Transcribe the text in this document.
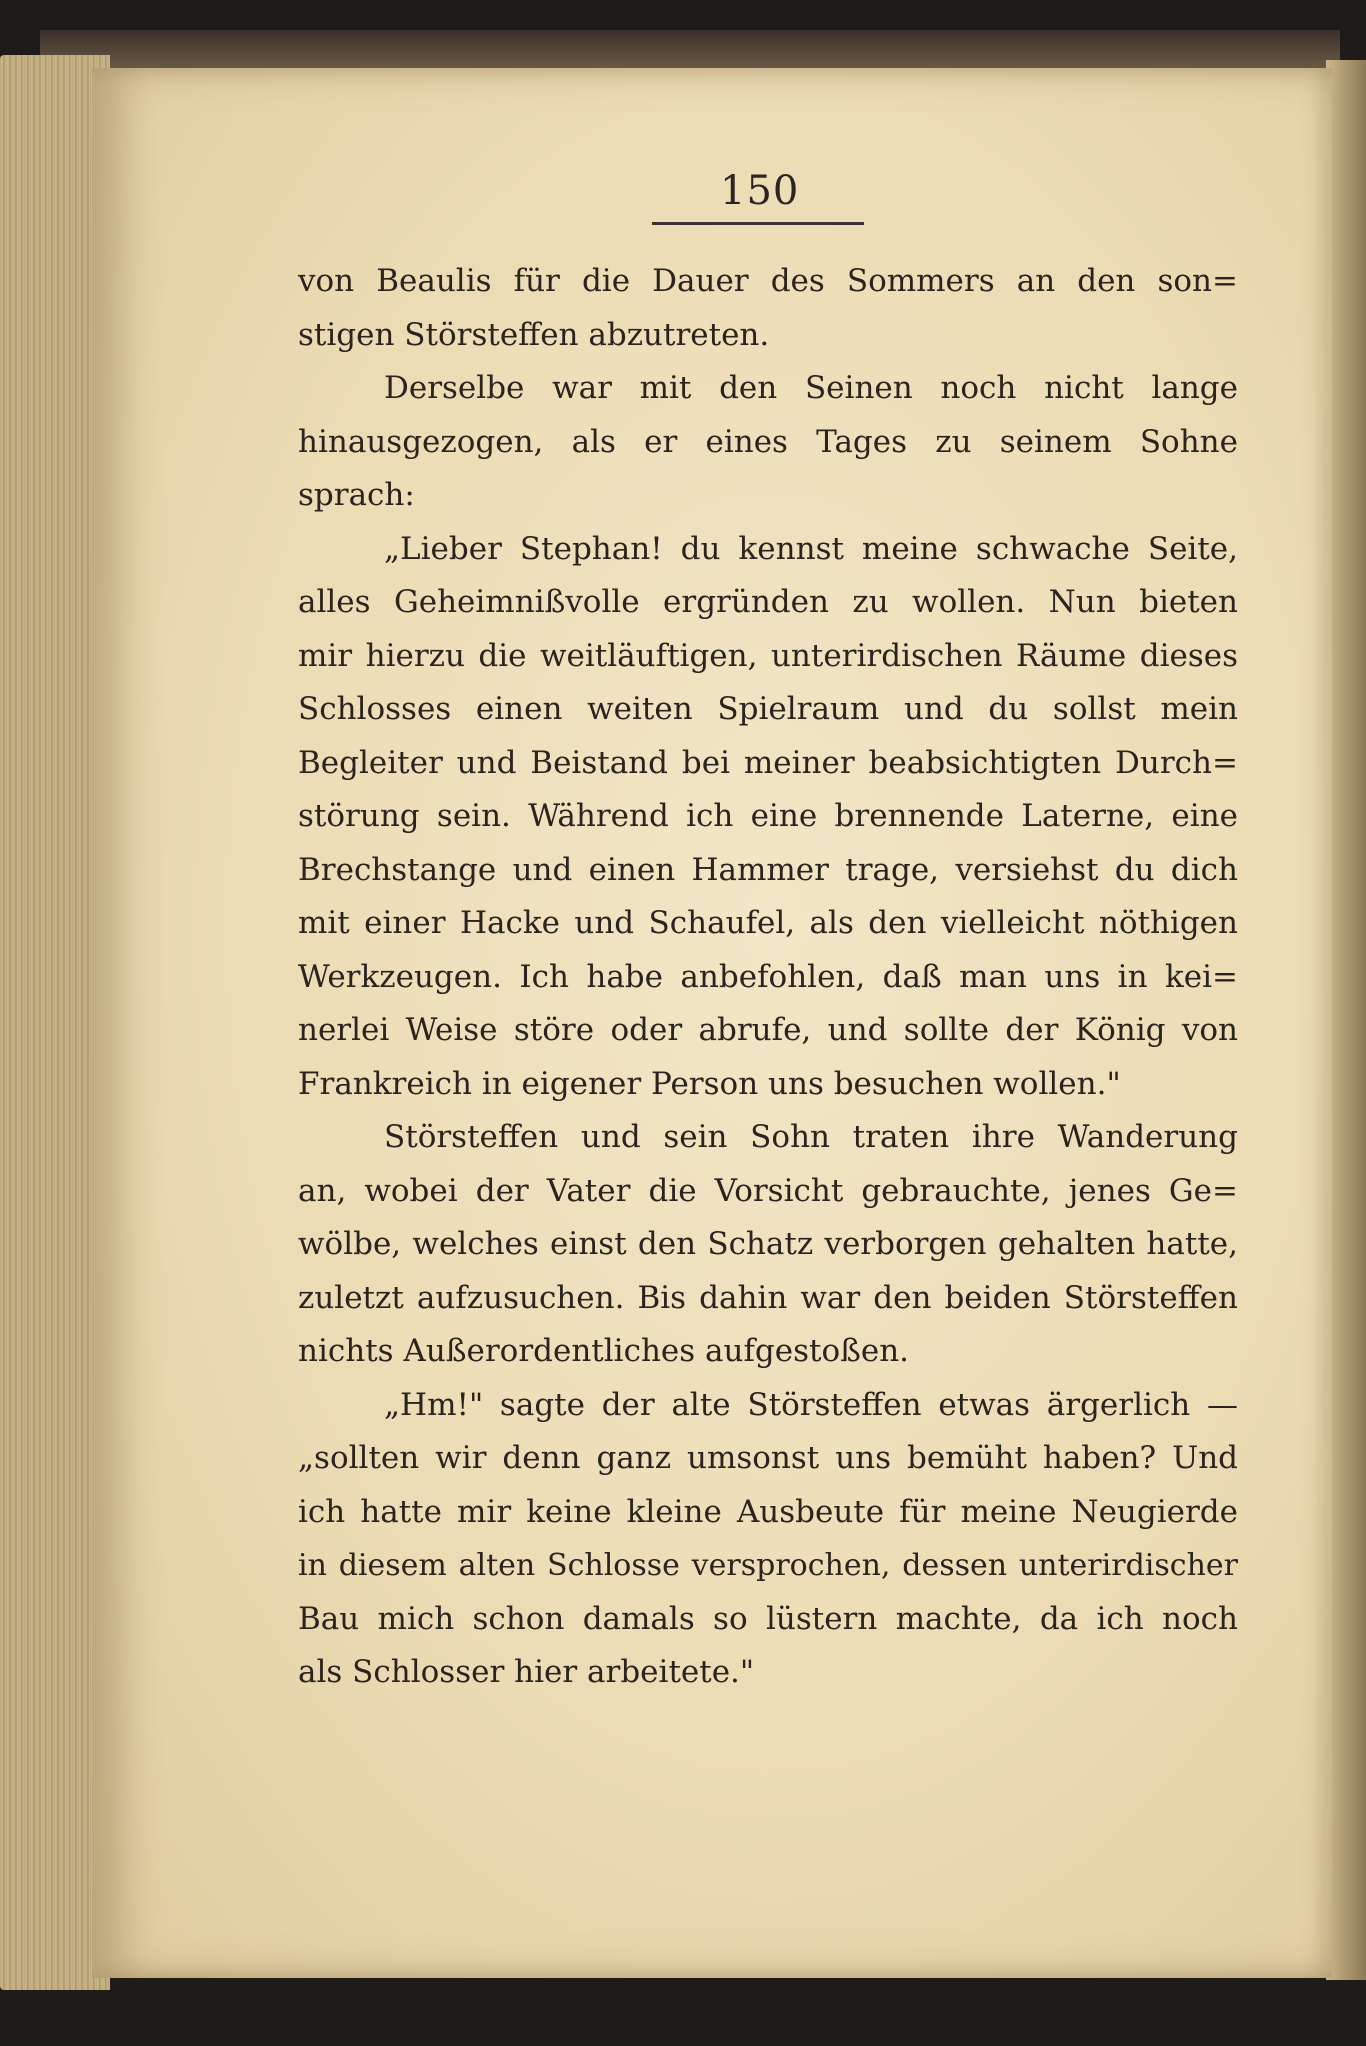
150
von Beaulis für die Dauer des Sommers an den son=
stigen Störsteffen abzutreten.
Derselbe war mit den Seinen noch nicht lange
hinausgezogen, als er eines Tages zu seinem Sohne
sprach:
„Lieber Stephan! du kennst meine schwache Seite,
alles Geheimnißvolle ergründen zu wollen. Nun bieten
mir hierzu die weitläuftigen, unterirdischen Räume dieses
Schlosses einen weiten Spielraum und du sollst mein
Begleiter und Beistand bei meiner beabsichtigten Durch=
störung sein. Während ich eine brennende Laterne, eine
Brechstange und einen Hammer trage, versiehst du dich
mit einer Hacke und Schaufel, als den vielleicht nöthigen
Werkzeugen. Ich habe anbefohlen, daß man uns in kei=
nerlei Weise störe oder abrufe, und sollte der König von
Frankreich in eigener Person uns besuchen wollen."
Störsteffen und sein Sohn traten ihre Wanderung
an, wobei der Vater die Vorsicht gebrauchte, jenes Ge=
wölbe, welches einst den Schatz verborgen gehalten hatte,
zuletzt aufzusuchen. Bis dahin war den beiden Störsteffen
nichts Außerordentliches aufgestoßen.
„Hm!" sagte der alte Störsteffen etwas ärgerlich —
„sollten wir denn ganz umsonst uns bemüht haben? Und
ich hatte mir keine kleine Ausbeute für meine Neugierde
in diesem alten Schlosse versprochen, dessen unterirdischer
Bau mich schon damals so lüstern machte, da ich noch
als Schlosser hier arbeitete."
